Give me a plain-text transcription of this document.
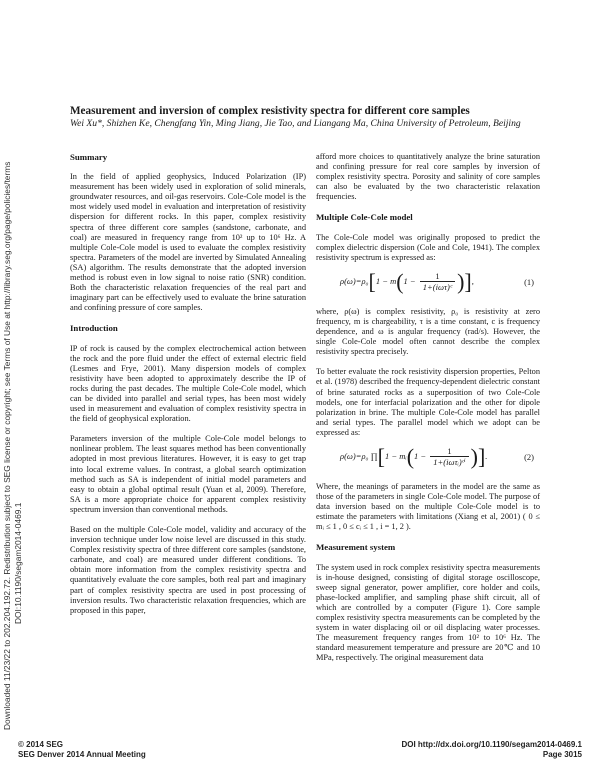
Downloaded 11/23/22 to 202.204.192.72. Redistribution subject to SEG license or copyright; see Terms of Use at http://library.seg.org/page/policies/terms DOI:10.1190/segam2014-0469.1
Measurement and inversion of complex resistivity spectra for different core samples
Wei Xu*, Shizhen Ke, Chengfang Yin, Ming Jiang, Jie Tao, and Liangang Ma, China University of Petroleum, Beijing
Summary
In the field of applied geophysics, Induced Polarization (IP) measurement has been widely used in exploration of solid minerals, groundwater resources, and oil-gas reservoirs. Cole-Cole model is the most widely used model in evaluation and interpretation of resistivity dispersion for different rocks. In this paper, complex resistivity spectra of three different core samples (sandstone, carbonate, and coal) are measured in frequency range from 10² up to 10⁶ Hz. A multiple Cole-Cole model is used to evaluate the complex resistivity spectra. Parameters of the model are inverted by Simulated Annealing (SA) algorithm. The results demonstrate that the adopted inversion method is robust even in low signal to noise ratio (SNR) condition. Both the characteristic relaxation frequencies of the real part and imaginary part can be effectively used to evaluate the brine saturation and confining pressure of core samples.
Introduction
IP of rock is caused by the complex electrochemical action between the rock and the pore fluid under the effect of external electric field (Lesmes and Frye, 2001). Many dispersion models of complex resistivity have been adopted to approximately describe the IP of rocks during the past decades. The multiple Cole-Cole model, which can be divided into parallel and serial types, has been most widely used in measurement and evaluation of complex resistivity spectra in the field of geophysical exploration.
Parameters inversion of the multiple Cole-Cole model belongs to nonlinear problem. The least squares method has been conventionally adopted in most previous literatures. However, it is easy to get trap into local extreme values. In contrast, a global search optimization method such as SA is independent of initial model parameters and easy to obtain a global optimal result (Yuan et al, 2009). Therefore, SA is a more appropriate choice for apparent complex resistivity spectrum inversion than conventional methods.
Based on the multiple Cole-Cole model, validity and accuracy of the inversion technique under low noise level are discussed in this study. Complex resistivity spectra of three different core samples (sandstone, carbonate, and coal) are measured under different conditions. To obtain more information from the complex resistivity spectra and quantitatively evaluate the core samples, both real part and imaginary part of complex resistivity spectra are used in post processing of inversion results. Two characteristic relaxation frequencies, which are proposed in this paper,
afford more choices to quantitatively analyze the brine saturation and confining pressure for real core samples by inversion of complex resistivity spectra. Porosity and salinity of core samples can also be evaluated by the two characteristic relaxation frequencies.
Multiple Cole-Cole model
The Cole-Cole model was originally proposed to predict the complex dielectric dispersion (Cole and Cole, 1941). The complex resistivity spectrum is expressed as:
$\rho(\omega)=\rho_0[1 - m(1 - \frac{1}{\text{1+(iωτ)ᶜ}}$ )],	(1)
where, ρ(ω) is complex resistivity, ρ₀ is resistivity at zero frequency, m is chargeability, τ is a time constant, c is frequency dependence, and ω is angular frequency (rad/s). However, the single Cole-Cole model often cannot describe the complex resistivity spectra precisely.
To better evaluate the rock resistivity dispersion properties, Pelton et al. (1978) described the frequency-dependent dielectric constant of brine saturated rocks as a superposition of two Cole-Cole models, one for interfacial polarization and the other for dipole polarization in brine. The multiple Cole-Cole model has parallel and serial types. The parallel model which we adopt can be expressed as:
ρ(ω)=ρ₀ ∏[1 − mᵢ(1 − $\frac{1}{\text{1+(iωτᵢ)ᶜⁱ}}$ )].	(2)
Where, the meanings of parameters in the model are the same as those of the parameters in single Cole-Cole model. The purpose of data inversion based on the multiple Cole-Cole model is to estimate the parameters with limitations (Xiang et al, 2001) ( 0 ≤ mᵢ ≤ 1 , 0 ≤ cᵢ ≤ 1 , i = 1, 2 ).
Measurement system
The system used in rock complex resistivity spectra measurements is in-house designed, consisting of digital storage oscilloscope, sweep signal generator, power amplifier, core holder and coils, phase-locked amplifier, and sampling phase shift circuit, all of which are controlled by a computer (Figure 1). Core sample complex resistivity spectra measurements can be completed by the system in water displacing oil or oil displacing water processes. The measurement frequency ranges from 10² to 10⁶ Hz. The standard measurement temperature and pressure are 20℃ and 10 MPa, respectively. The original measurement data
© 2014 SEG
SEG Denver 2014 Annual Meeting
DOI http://dx.doi.org/10.1190/segam2014-0469.1
Page 3015
